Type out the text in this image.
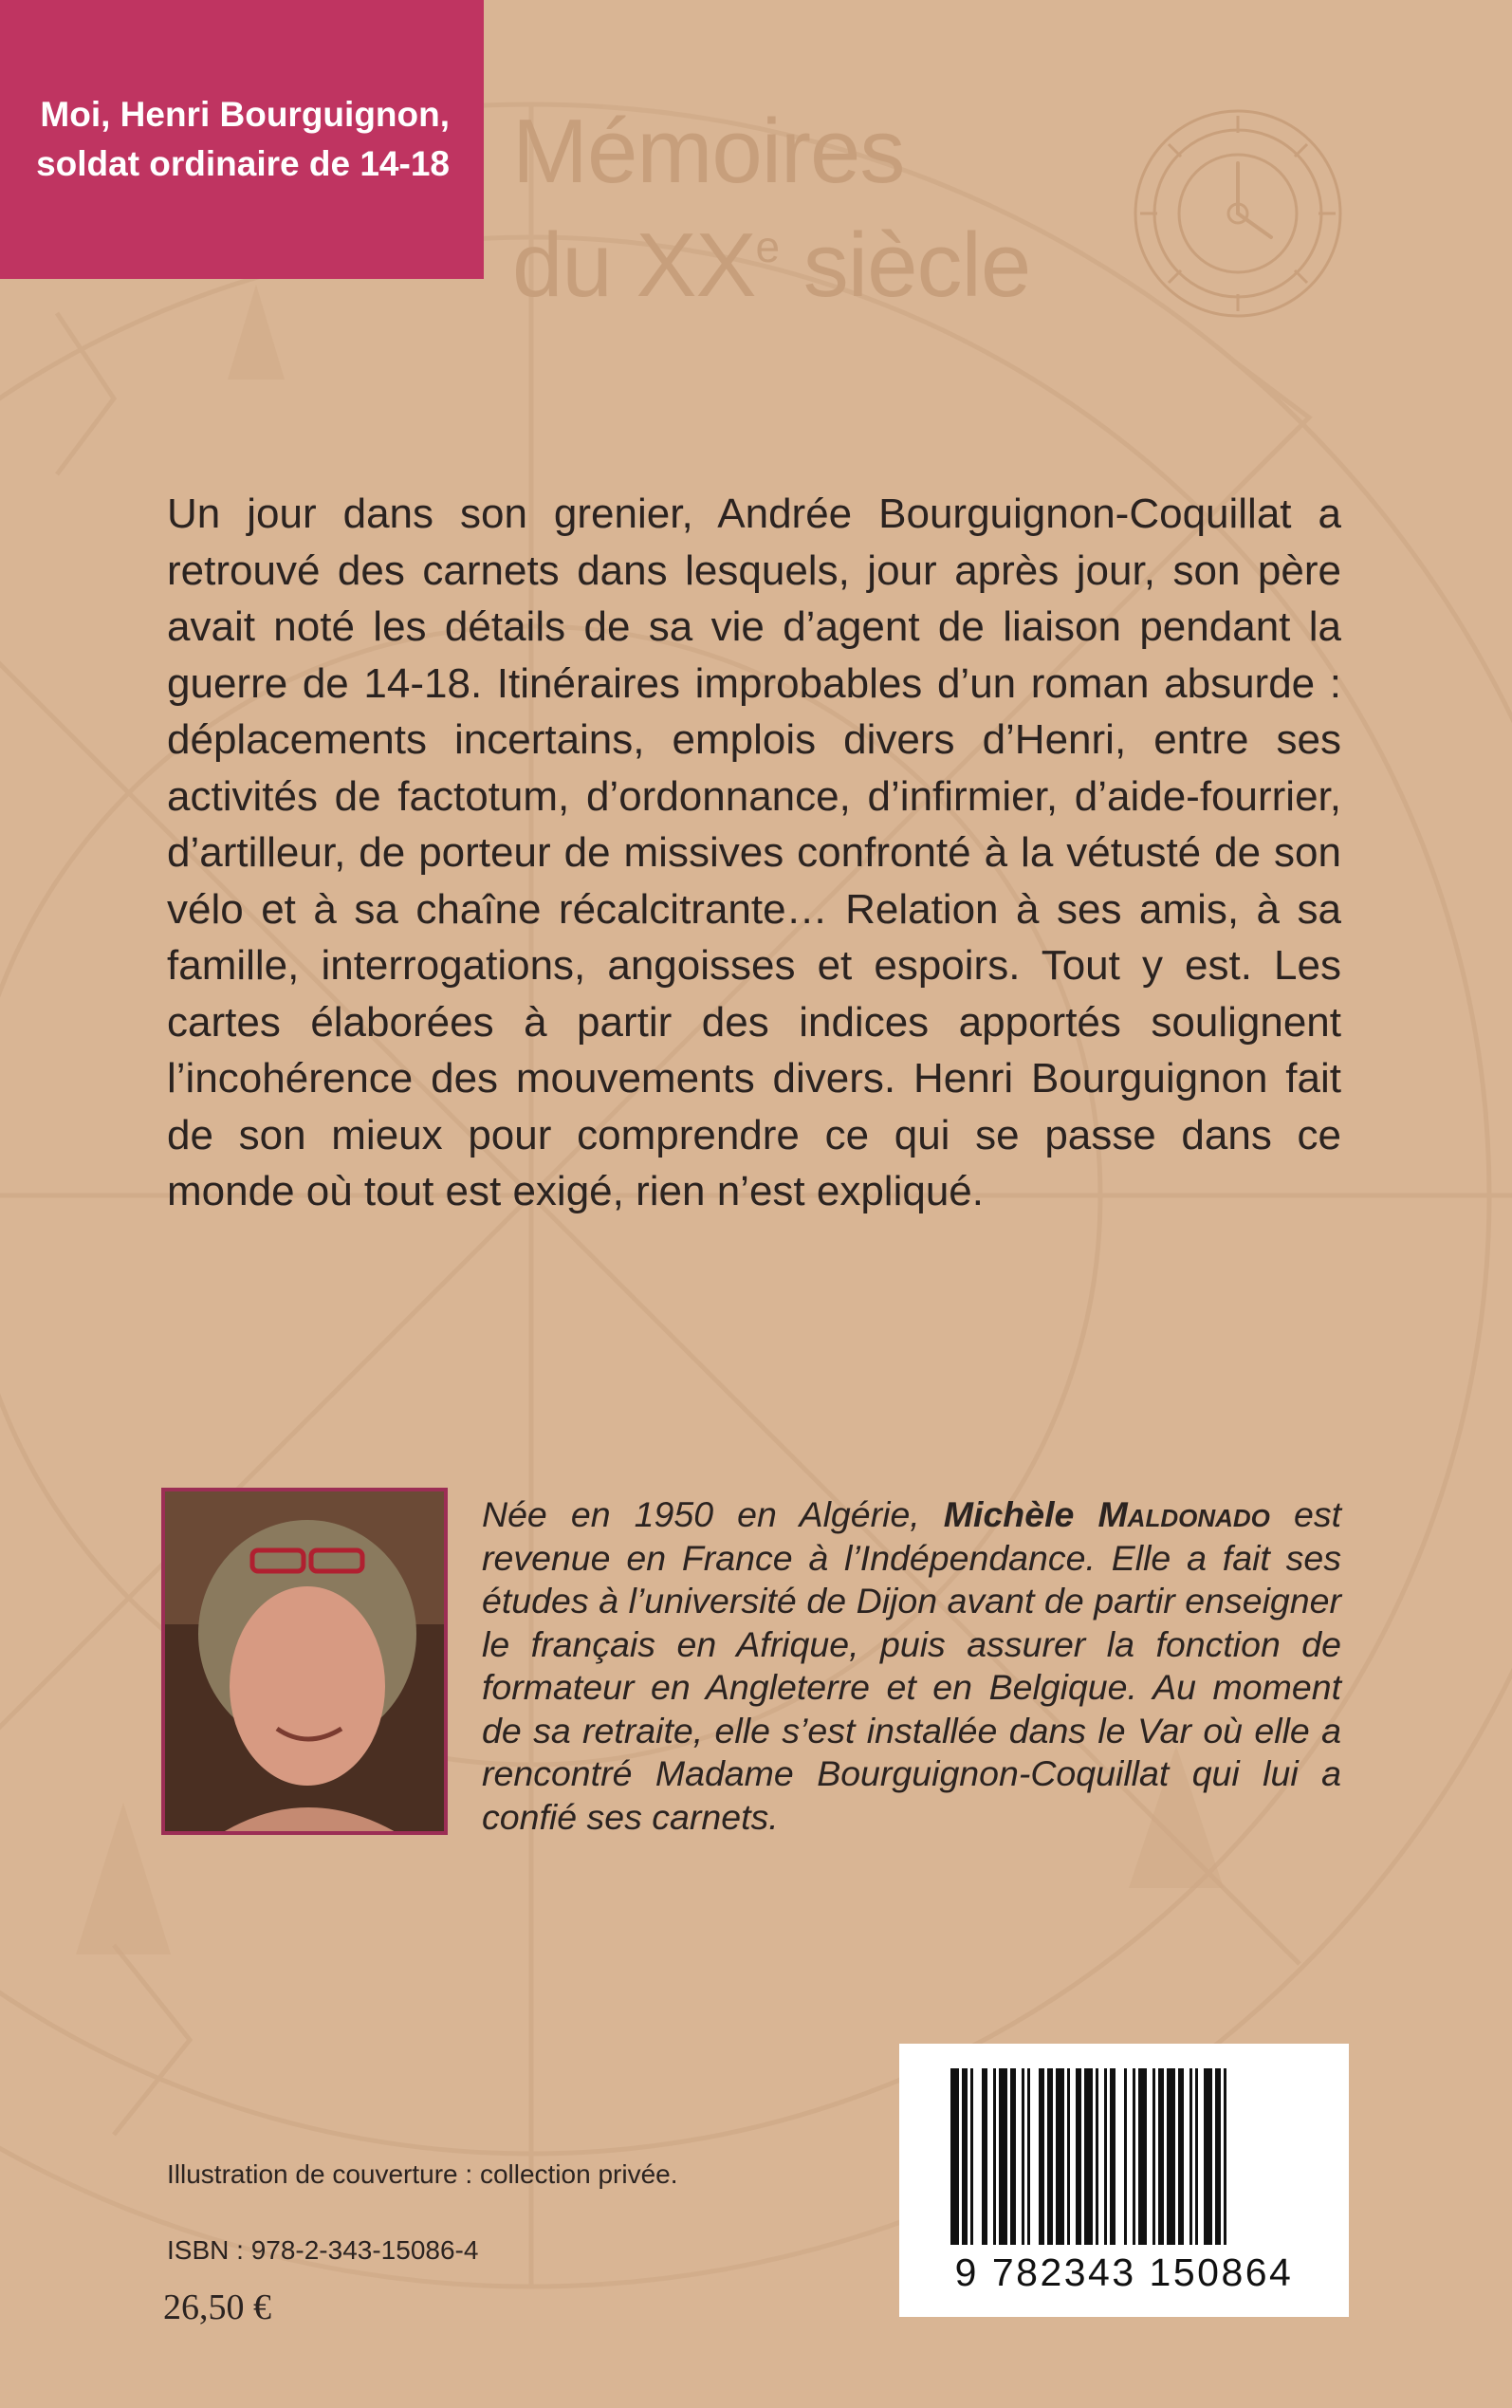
Moi, Henri Bourguignon,
soldat ordinaire de 14-18 Mémoires
du XXe siècle

Un jour dans son grenier, Andrée Bourguignon-Coquillat a retrouvé des carnets dans lesquels, jour après jour, son père avait noté les détails de sa vie d’agent de liaison pendant la guerre de 14-18. Itinéraires improbables d’un roman absurde : déplacements incertains, emplois divers d’Henri, entre ses activités de factotum, d’ordonnance, d’infirmier, d’aide-fourrier, d’artilleur, de porteur de missives confronté à la vétusté de son vélo et à sa chaîne récalcitrante… Relation à ses amis, à sa famille, interrogations, angoisses et espoirs. Tout y est. Les cartes élaborées à partir des indices apportés soulignent l’incohérence des mouvements divers. Henri Bourguignon fait de son mieux pour comprendre ce qui se passe dans ce monde où tout est exigé, rien n’est expliqué.

Née en 1950 en Algérie, Michèle Maldonado est revenue en France à l’Indépendance. Elle a fait ses études à l’université de Dijon avant de partir enseigner le français en Afrique, puis assurer la fonction de formateur en Angleterre et en Belgique. Au moment de sa retraite, elle s’est installée dans le Var où elle a rencontré Madame Bourguignon-Coquillat qui lui a confié ses carnets.

9 782343 150864
Illustration de couverture : collection privée.
ISBN : 978-2-343-15086-4
26,50 €
